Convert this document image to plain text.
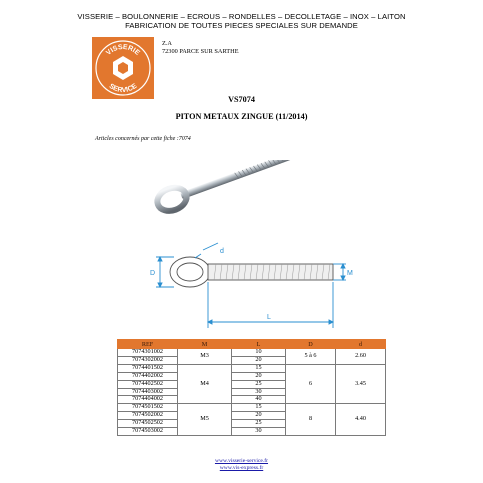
VISSERIE – BOULONNERIE – ECROUS – RONDELLES – DECOLLETAGE – INOX – LAITON
FABRICATION DE TOUTES PIECES SPECIALES SUR DEMANDE
VISSERIE
SERVICE
Z.A
72300 PARCE SUR SARTHE
VS7074
PITON METAUX ZINGUE (11/2014)
Articles concernés par cette fiche :7074
d
D	M
L
REF	M	L	D	d
7074301002	M3	10	5 à 6	2.60
7074302002		20		
7074401502	M4	15	6	3.45
7074402002		20		
7074402502		25		
7074403002		30		
7074404002		40		
7074501502	M5	15	8	4.40
7074502002		20		
7074502502		25		
7074503002		30		
www.visserie-service.fr
www.vis-express.fr
